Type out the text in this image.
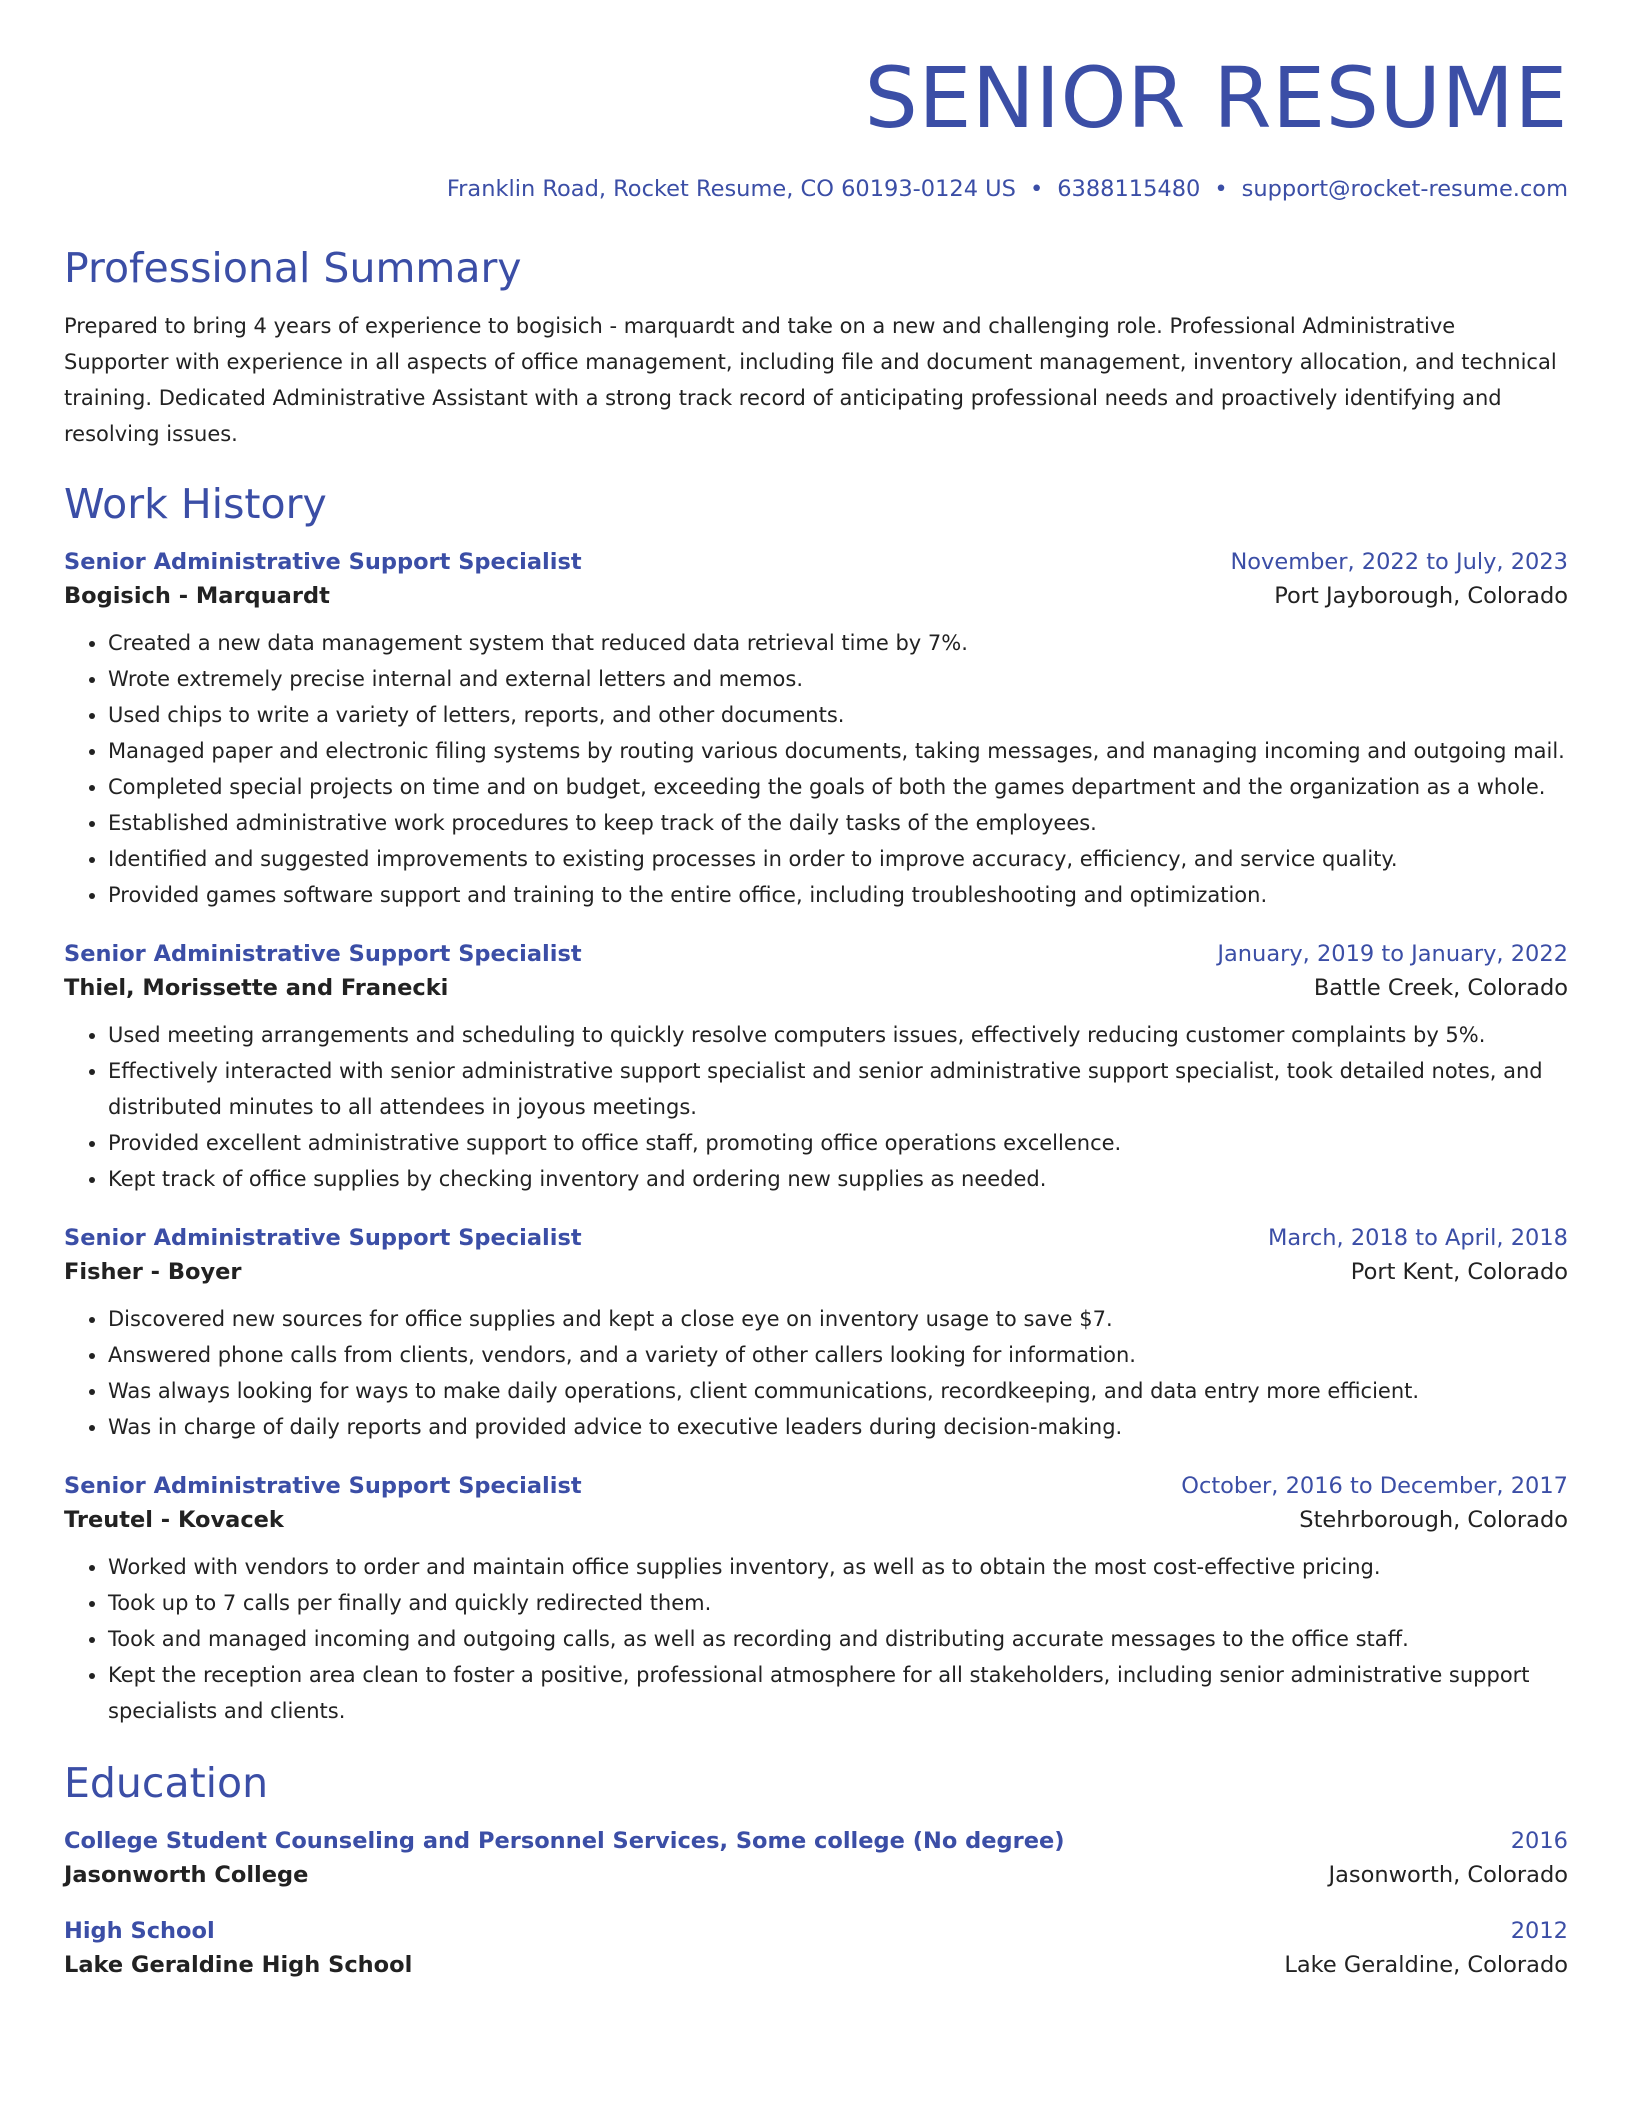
SENIOR RESUME
Franklin Road, Rocket Resume, CO 60193-0124 US • 6388115480 • support@rocket-resume.com
Professional Summary
Prepared to bring 4 years of experience to bogisich - marquardt and take on a new and challenging role. Professional Administrative Supporter with experience in all aspects of office management, including file and document management, inventory allocation, and technical training. Dedicated Administrative Assistant with a strong track record of anticipating professional needs and proactively identifying and resolving issues.
Work History
Senior Administrative Support Specialist	November, 2022 to July, 2023
Bogisich - Marquardt	Port Jayborough, Colorado
• Created a new data management system that reduced data retrieval time by 7%.
• Wrote extremely precise internal and external letters and memos.
• Used chips to write a variety of letters, reports, and other documents.
• Managed paper and electronic filing systems by routing various documents, taking messages, and managing incoming and outgoing mail.
• Completed special projects on time and on budget, exceeding the goals of both the games department and the organization as a whole.
• Established administrative work procedures to keep track of the daily tasks of the employees.
• Identified and suggested improvements to existing processes in order to improve accuracy, efficiency, and service quality.
• Provided games software support and training to the entire office, including troubleshooting and optimization.
Senior Administrative Support Specialist	January, 2019 to January, 2022
Thiel, Morissette and Franecki	Battle Creek, Colorado
• Used meeting arrangements and scheduling to quickly resolve computers issues, effectively reducing customer complaints by 5%.
• Effectively interacted with senior administrative support specialist and senior administrative support specialist, took detailed notes, and distributed minutes to all attendees in joyous meetings.
• Provided excellent administrative support to office staff, promoting office operations excellence.
• Kept track of office supplies by checking inventory and ordering new supplies as needed.
Senior Administrative Support Specialist	March, 2018 to April, 2018
Fisher - Boyer	Port Kent, Colorado
• Discovered new sources for office supplies and kept a close eye on inventory usage to save $7.
• Answered phone calls from clients, vendors, and a variety of other callers looking for information.
• Was always looking for ways to make daily operations, client communications, recordkeeping, and data entry more efficient.
• Was in charge of daily reports and provided advice to executive leaders during decision-making.
Senior Administrative Support Specialist	October, 2016 to December, 2017
Treutel - Kovacek	Stehrborough, Colorado
• Worked with vendors to order and maintain office supplies inventory, as well as to obtain the most cost-effective pricing.
• Took up to 7 calls per finally and quickly redirected them.
• Took and managed incoming and outgoing calls, as well as recording and distributing accurate messages to the office staff.
• Kept the reception area clean to foster a positive, professional atmosphere for all stakeholders, including senior administrative support specialists and clients.
Education
College Student Counseling and Personnel Services, Some college (No degree)	2016
Jasonworth College	Jasonworth, Colorado
High School	2012
Lake Geraldine High School	Lake Geraldine, Colorado
